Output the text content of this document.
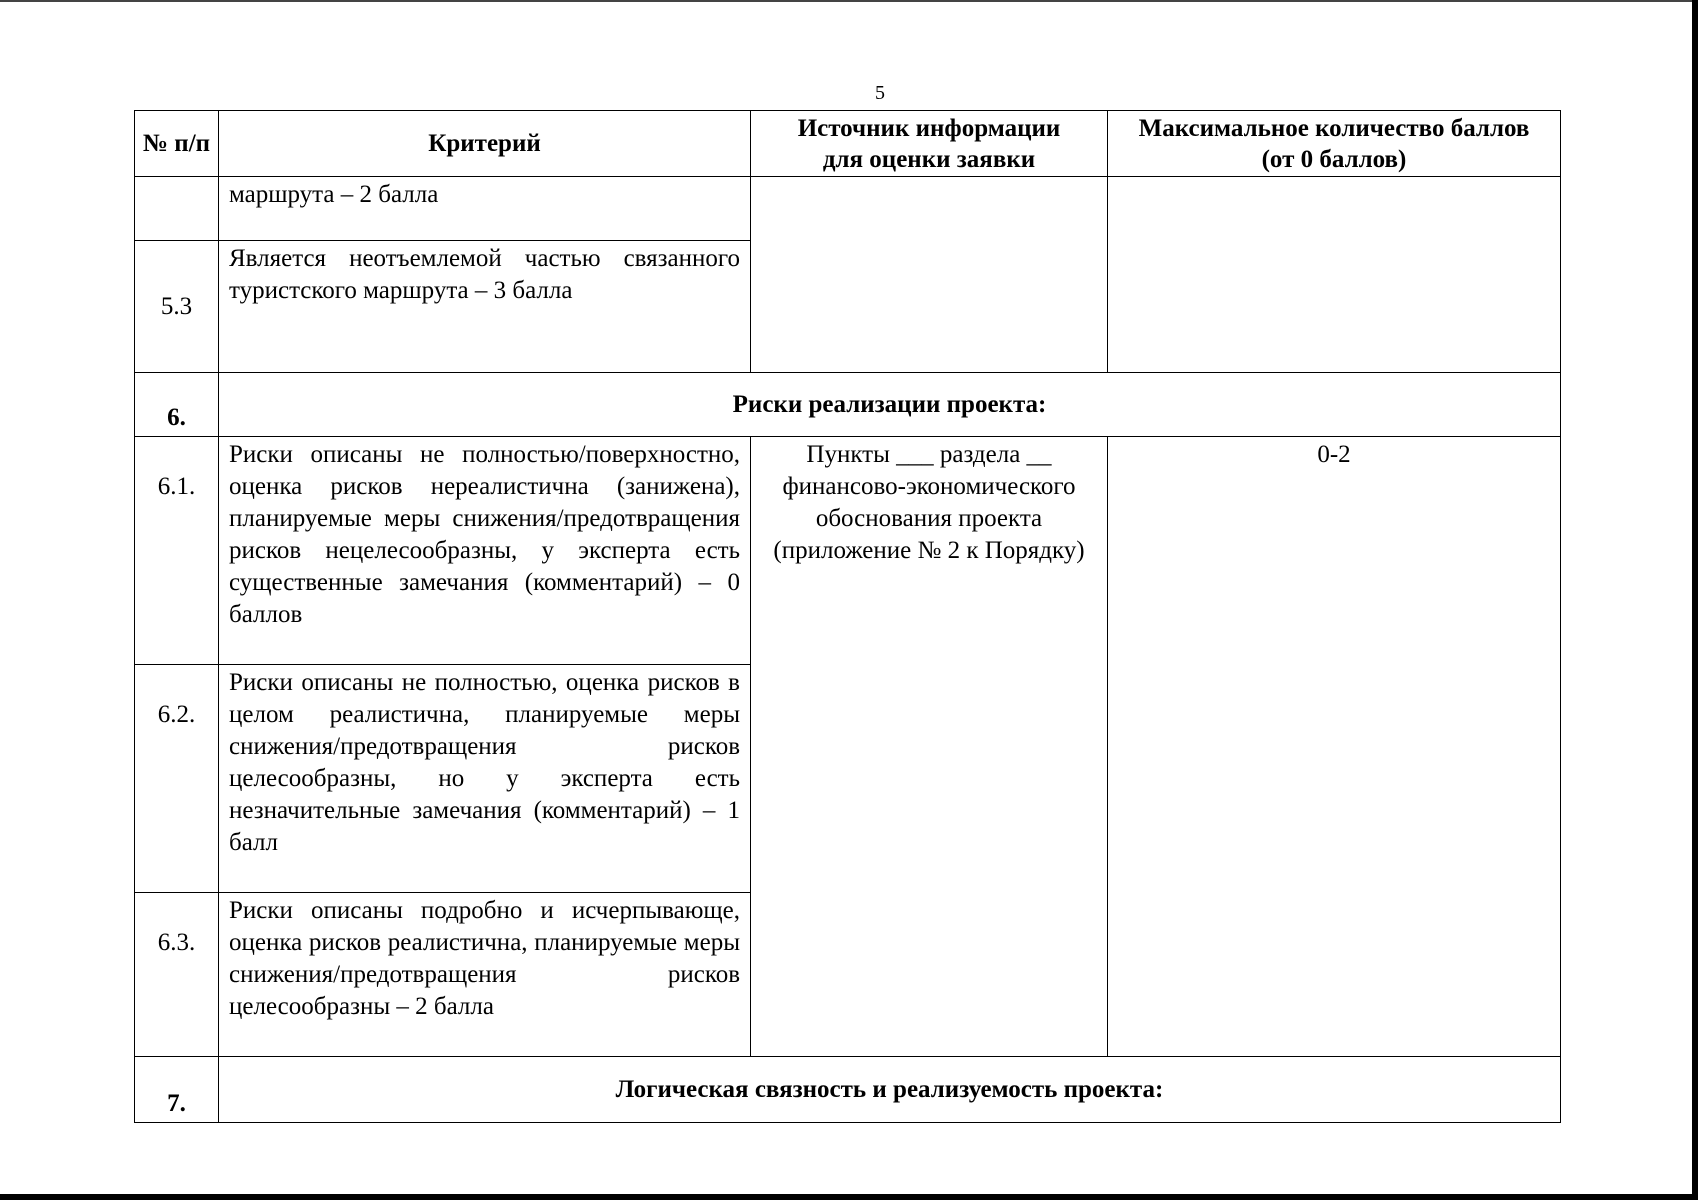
5
№ п/п	Критерий	Источник информации для оценки заявки	Максимальное количество баллов (от 0 баллов)
	маршрута – 2 балла		
5.3	Является неотъемлемой частью связанного туристского маршрута – 3 балла		
6.	Риски реализации проекта:		
6.1.	Риски описаны не полностью/поверхностно, оценка рисков нереалистична (занижена), планируемые меры снижения/предотвращения рисков нецелесообразны, у эксперта есть существенные замечания (комментарий) – 0 баллов	Пункты ___ раздела __ финансово-экономического обоснования проекта (приложение № 2 к Порядку)	0-2
6.2.	Риски описаны не полностью, оценка рисков в целом реалистична, планируемые меры снижения/предотвращения рисков целесообразны, но у эксперта есть незначительные замечания (комментарий) – 1 балл		
6.3.	Риски описаны подробно и исчерпывающе, оценка рисков реалистична, планируемые меры снижения/предотвращения рисков целесообразны – 2 балла		
7.	Логическая связность и реализуемость проекта:		
